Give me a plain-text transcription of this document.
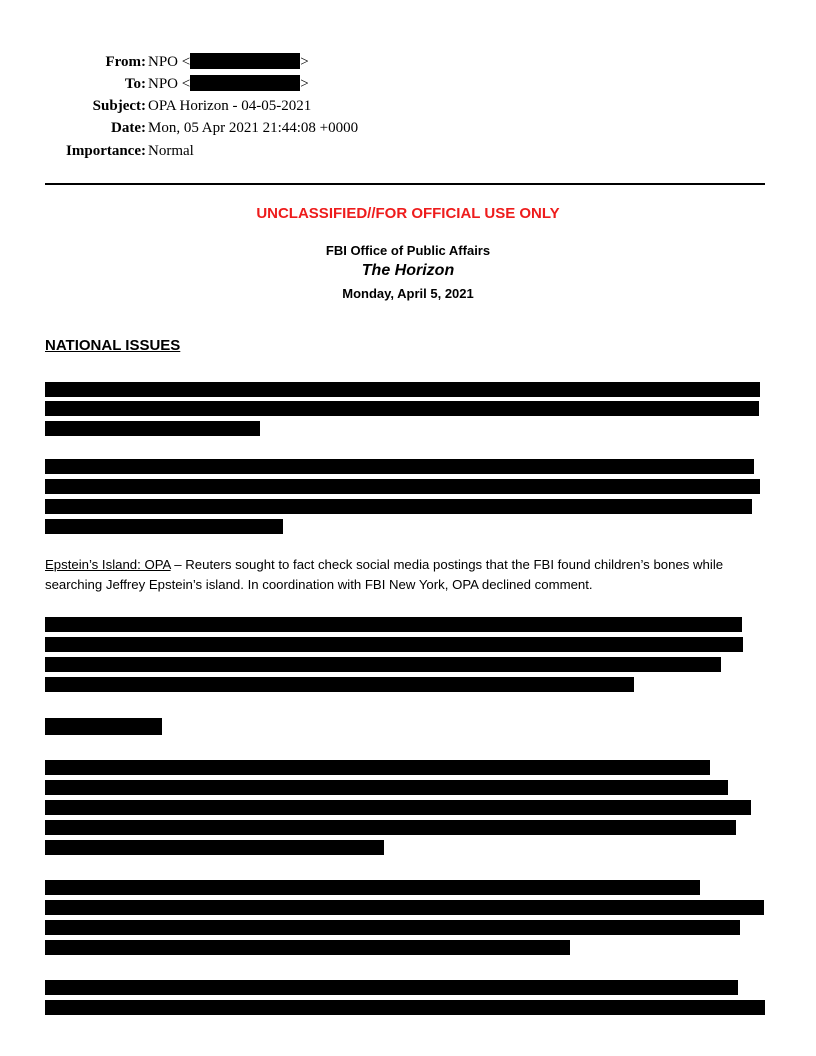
From: NPO <	>
To: NPO <	>
Subject: OPA Horizon - 04-05-2021
Date: Mon, 05 Apr 2021 21:44:08 +0000
Importance: Normal
UNCLASSIFIED//FOR OFFICIAL USE ONLY
FBI Office of Public Affairs
The Horizon
Monday, April 5, 2021
NATIONAL ISSUES
Epstein’s Island: OPA – Reuters sought to fact check social media postings that the FBI found children’s bones while searching Jeffrey Epstein’s island. In coordination with FBI New York, OPA declined comment.
